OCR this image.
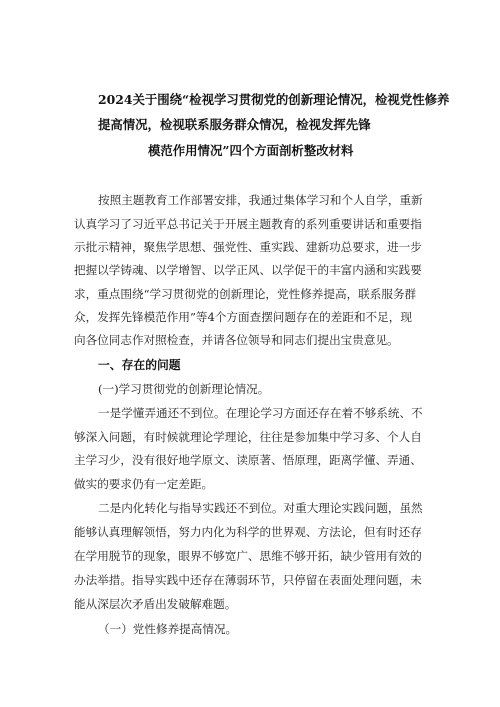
2024关于围绕“检视学习贯彻党的创新理论情况，检视党性修养
提高情况，检视联系服务群众情况，检视发挥先锋
模范作用情况”四个方面剖析整改材料
按照主题教育工作部署安排，我通过集体学习和个人自学，重新
认真学习了习近平总书记关于开展主题教育的系列重要讲话和重要指
示批示精神，聚焦学思想、强党性、重实践、建新功总要求，进一步
把握以学铸魂、以学增智、以学正风、以学促干的丰富内涵和实践要
求，重点围绕“学习贯彻党的创新理论，党性修养提高，联系服务群
众，发挥先锋模范作用”等4个方面查摆问题存在的差距和不足，现
向各位同志作对照检查，并请各位领导和同志们提出宝贵意见。
一、存在的问题
(一)学习贯彻党的创新理论情况。
一是学懂弄通还不到位。在理论学习方面还存在着不够系统、不
够深入问题，有时候就理论学理论，往往是参加集中学习多、个人自
主学习少，没有很好地学原文、读原著、悟原理，距离学懂、弄通、
做实的要求仍有一定差距。
二是内化转化与指导实践还不到位。对重大理论实践问题，虽然
能够认真理解领悟，努力内化为科学的世界观、方法论，但有时还存
在学用脱节的现象，眼界不够宽广、思维不够开拓，缺少管用有效的
办法举措。指导实践中还存在薄弱环节，只停留在表面处理问题，未
能从深层次矛盾出发破解难题。
（一）党性修养提高情况。
